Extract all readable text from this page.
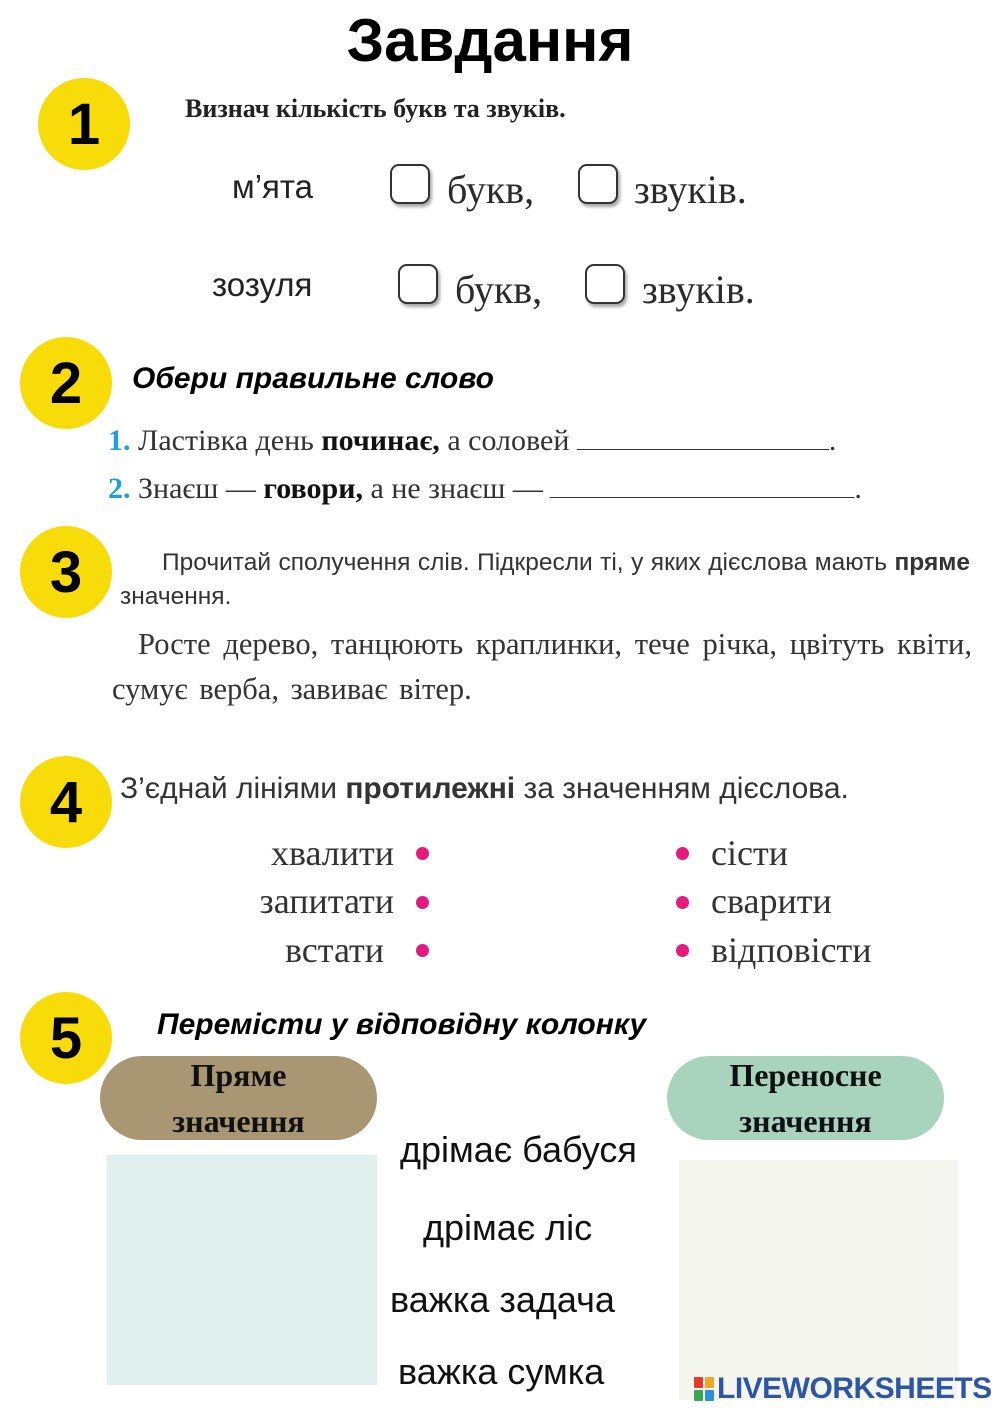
Завдання
1	Визнач кількість букв та звуків.
м’ята	букв, звуків.
зозуля	букв, звуків.
2	Обери правильне слово
1. Ластівка день починає, а соловей	.
2. Знаєш — говори, а не знаєш —	.
3	Прочитай сполучення слів. Підкресли ті, у яких дієслова мають пряме значення.
Росте дерево, танцюють краплинки, тече річка, цвітуть квіти, сумує верба, завиває вітер.
4	З’єднай лініями протилежні за значенням дієслова.
хвалити
запитати
встати
сісти
сварити
відповісти
5	Перемісти у відповідну колонку
Пряме
значення
Переносне
значення
дрімає бабуся
дрімає ліс
важка задача
важка сумка	LIVEWORKSHEETS
